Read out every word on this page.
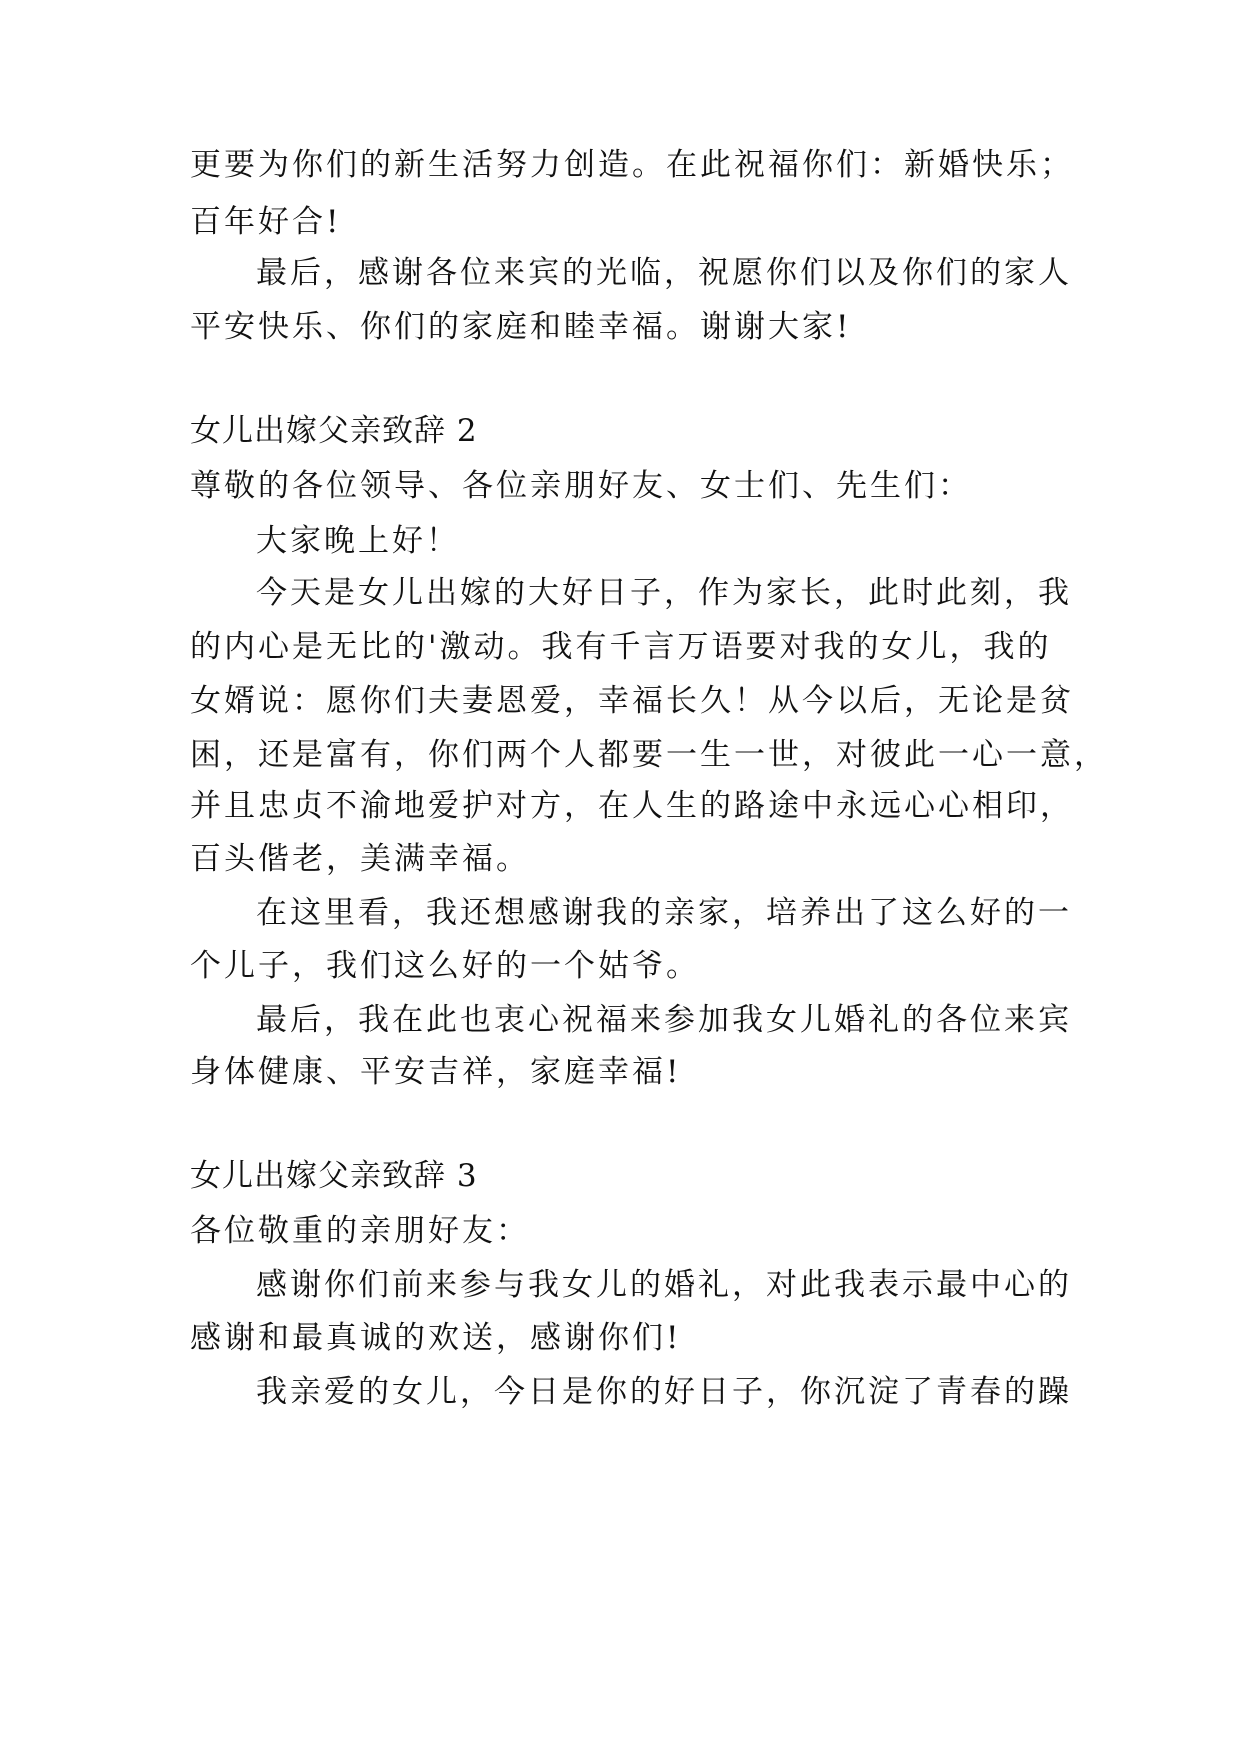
更要为你们的新生活努力创造。在此祝福你们：新婚快乐；
百年好合!
最后，感谢各位来宾的光临，祝愿你们以及你们的家人
平安快乐、你们的家庭和睦幸福。谢谢大家!
女儿出嫁父亲致辞 2
尊敬的各位领导、各位亲朋好友、女士们、先生们：
大家晚上好！
今天是女儿出嫁的大好日子，作为家长，此时此刻，我
的内心是无比的'激动。我有千言万语要对我的女儿，我的
女婿说：愿你们夫妻恩爱，幸福长久！从今以后，无论是贫
困，还是富有，你们两个人都要一生一世，对彼此一心一意，
并且忠贞不渝地爱护对方，在人生的路途中永远心心相印，
百头偕老，美满幸福。
在这里看，我还想感谢我的亲家，培养出了这么好的一
个儿子，我们这么好的一个姑爷。
最后，我在此也衷心祝福来参加我女儿婚礼的各位来宾
身体健康、平安吉祥，家庭幸福!
女儿出嫁父亲致辞 3
各位敬重的亲朋好友：
感谢你们前来参与我女儿的婚礼，对此我表示最中心的
感谢和最真诚的欢送，感谢你们!
我亲爱的女儿，今日是你的好日子，你沉淀了青春的躁
